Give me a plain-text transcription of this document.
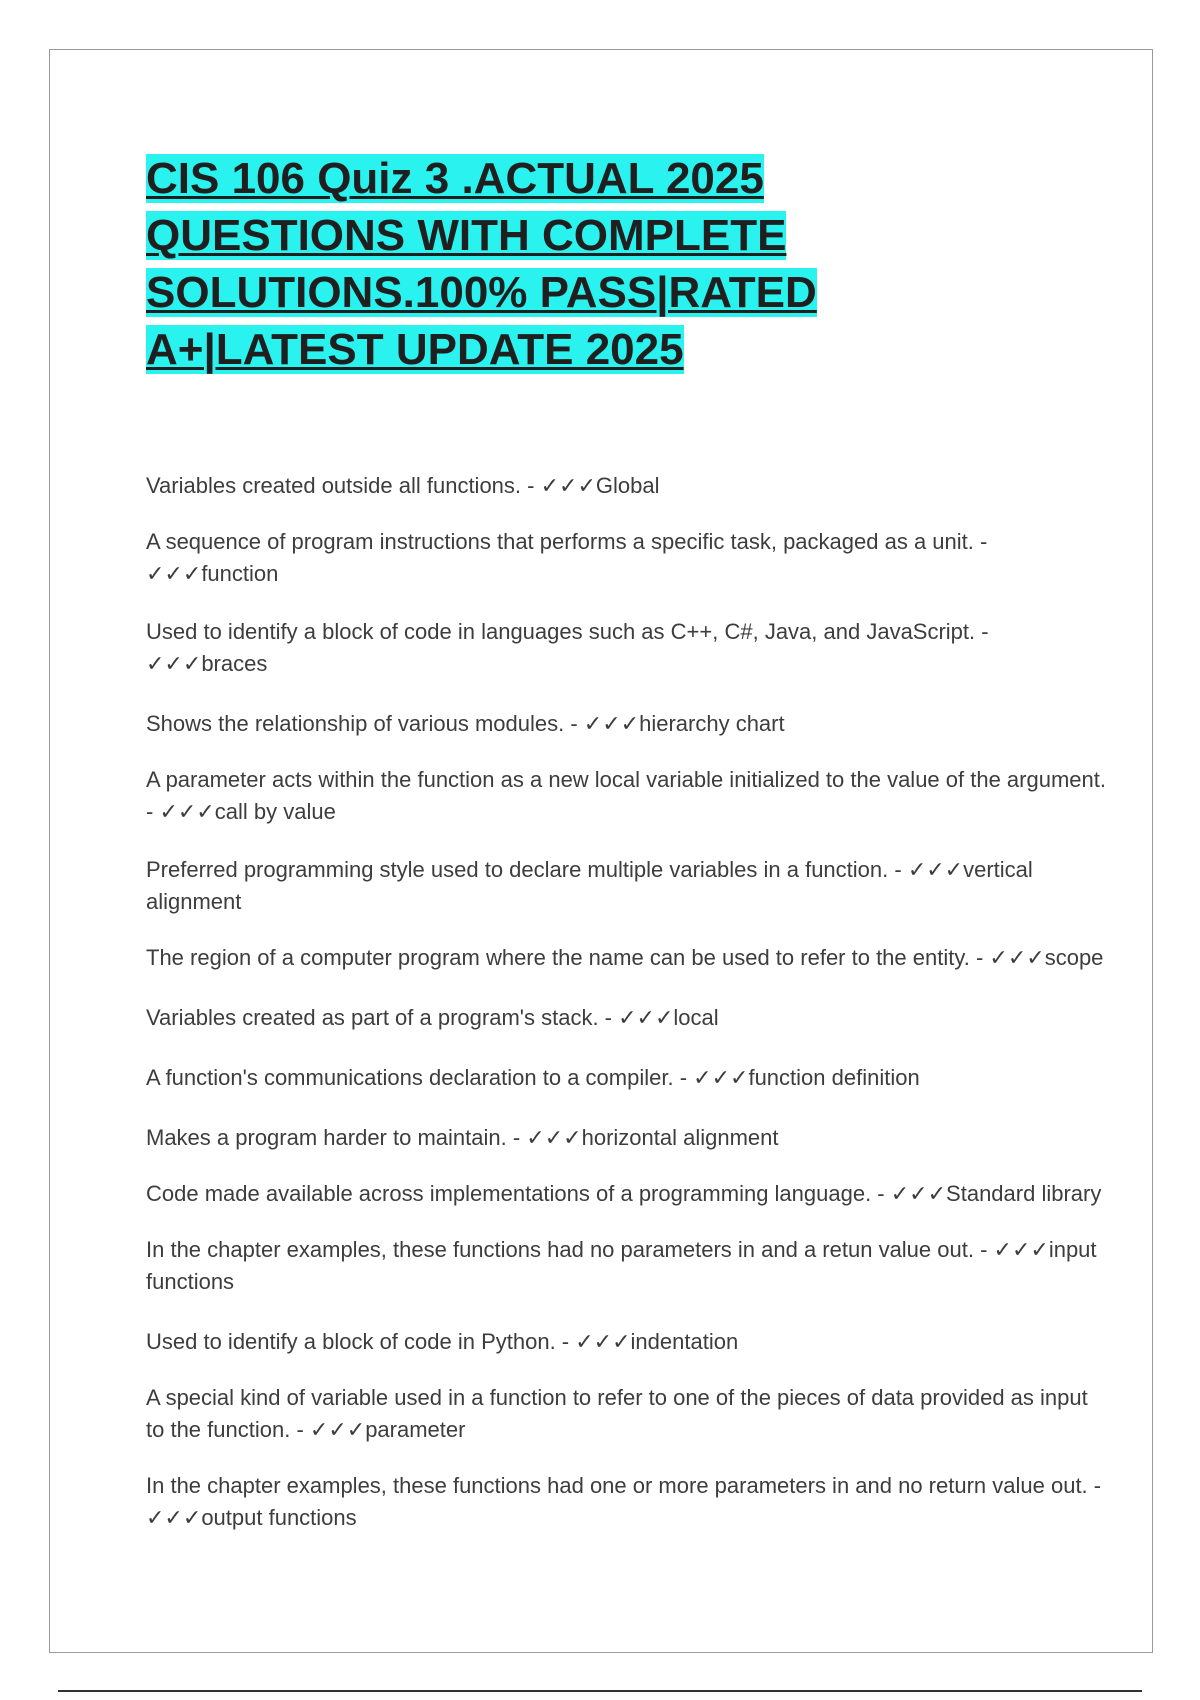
CIS 106 Quiz 3 .ACTUAL 2025 QUESTIONS WITH COMPLETE SOLUTIONS.100% PASS|RATED A+|LATEST UPDATE 2025
Variables created outside all functions. - ✓✓✓Global
A sequence of program instructions that performs a specific task, packaged as a unit. - ✓✓✓function
Used to identify a block of code in languages such as C++, C#, Java, and JavaScript. - ✓✓✓braces
Shows the relationship of various modules. - ✓✓✓hierarchy chart
A parameter acts within the function as a new local variable initialized to the value of the argument. - ✓✓✓call by value
Preferred programming style used to declare multiple variables in a function. - ✓✓✓vertical alignment
The region of a computer program where the name can be used to refer to the entity. - ✓✓✓scope
Variables created as part of a program's stack. - ✓✓✓local
A function's communications declaration to a compiler. - ✓✓✓function definition
Makes a program harder to maintain. - ✓✓✓horizontal alignment
Code made available across implementations of a programming language. - ✓✓✓Standard library
In the chapter examples, these functions had no parameters in and a retun value out. - ✓✓✓input functions
Used to identify a block of code in Python. - ✓✓✓indentation
A special kind of variable used in a function to refer to one of the pieces of data provided as input to the function. - ✓✓✓parameter
In the chapter examples, these functions had one or more parameters in and no return value out. - ✓✓✓output functions
